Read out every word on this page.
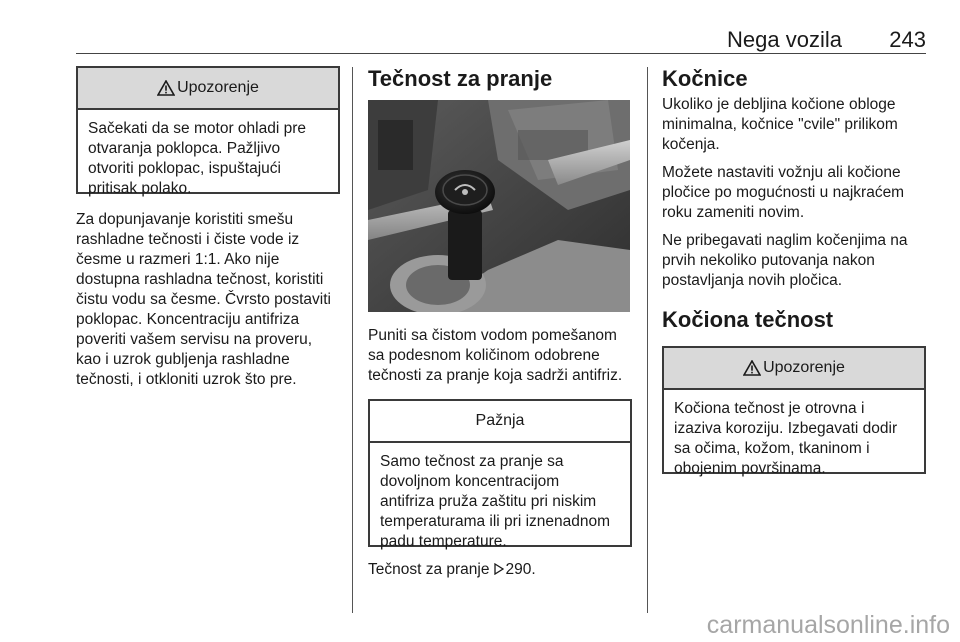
Nega vozila	243
Upozorenje
Sačekati da se motor ohladi pre
otvaranja poklopca. Pažljivo
otvoriti poklopac, ispuštajući
pritisak polako.
Za dopunjavanje koristiti smešu
rashladne tečnosti i čiste vode iz
česme u razmeri 1:1. Ako nije
dostupna rashladna tečnost, koristiti
čistu vodu sa česme. Čvrsto postaviti
poklopac. Koncentraciju antifriza
poveriti vašem servisu na proveru,
kao i uzrok gubljenja rashladne
tečnosti, i otkloniti uzrok što pre.
Tečnost za pranje
Puniti sa čistom vodom pomešanom
sa podesnom količinom odobrene
tečnosti za pranje koja sadrži antifriz.
Pažnja
Samo tečnost za pranje sa
dovoljnom koncentracijom
antifriza pruža zaštitu pri niskim
temperaturama ili pri iznenadnom
padu temperature.
Tečnost za pranje 290.
Kočnice
Ukoliko je debljina kočione obloge
minimalna, kočnice "cvile" prilikom
kočenja.
Možete nastaviti vožnju ali kočione
pločice po mogućnosti u najkraćem
roku zameniti novim.
Ne pribegavati naglim kočenjima na
prvih nekoliko putovanja nakon
postavljanja novih pločica.
Kočiona tečnost
Upozorenje
Kočiona tečnost je otrovna i
izaziva koroziju. Izbegavati dodir
sa očima, kožom, tkaninom i
obojenim površinama.
carmanualsonline.info
